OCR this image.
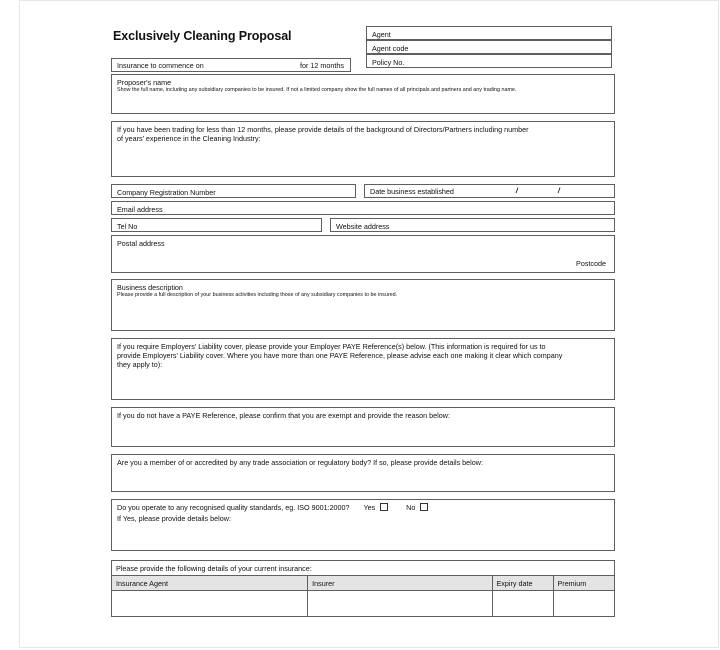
Exclusively Cleaning Proposal	Agent
Agent code
Policy No.
Insurance to commence on	for 12 months
Proposer's name
Show the full name, including any subsidiary companies to be insured. If not a limited company show the full names of all principals and partners and any trading name.
If you have been trading for less than 12 months, please provide details of the background of Directors/Partners including number
of years' experience in the Cleaning Industry:
Company Registration Number	Date business established	/	/
Email address
Tel No	Website address
Postal address
Postcode
Business description
Please provide a full description of your business activities including those of any subsidiary companies to be insured.
If you require Employers' Liability cover, please provide your Employer PAYE Reference(s) below. (This information is required for us to
provide Employers' Liability cover. Where you have more than one PAYE Reference, please advise each one making it clear which company
they apply to):
If you do not have a PAYE Reference, please confirm that you are exempt and provide the reason below:
Are you a member of or accredited by any trade association or regulatory body? If so, please provide details below:
Do you operate to any recognised quality standards, eg. ISO 9001:2000? Yes	No
If Yes, please provide details below:
Please provide the following details of your current insurance:			
Insurance Agent	Insurer	Expiry date	Premium
